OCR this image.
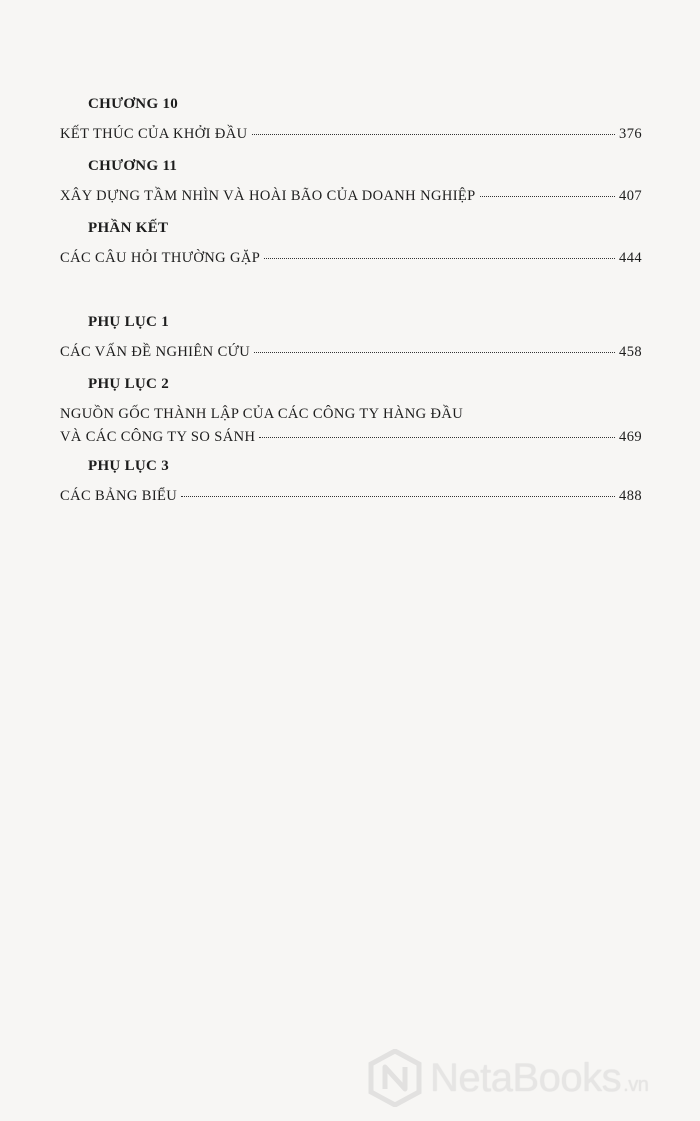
CHƯƠNG 10
KẾT THÚC CỦA KHỞI ĐẦU	376
CHƯƠNG 11
XÂY DỰNG TẦM NHÌN VÀ HOÀI BÃO CỦA DOANH NGHIỆP	407
PHẦN KẾT
CÁC CÂU HỎI THƯỜNG GẶP	444
PHỤ LỤC 1
CÁC VẤN ĐỀ NGHIÊN CỨU	458
PHỤ LỤC 2
NGUỒN GỐC THÀNH LẬP CỦA CÁC CÔNG TY HÀNG ĐẦU
VÀ CÁC CÔNG TY SO SÁNH	469
PHỤ LỤC 3
CÁC BẢNG BIỂU	488
NetaBooks .vn
